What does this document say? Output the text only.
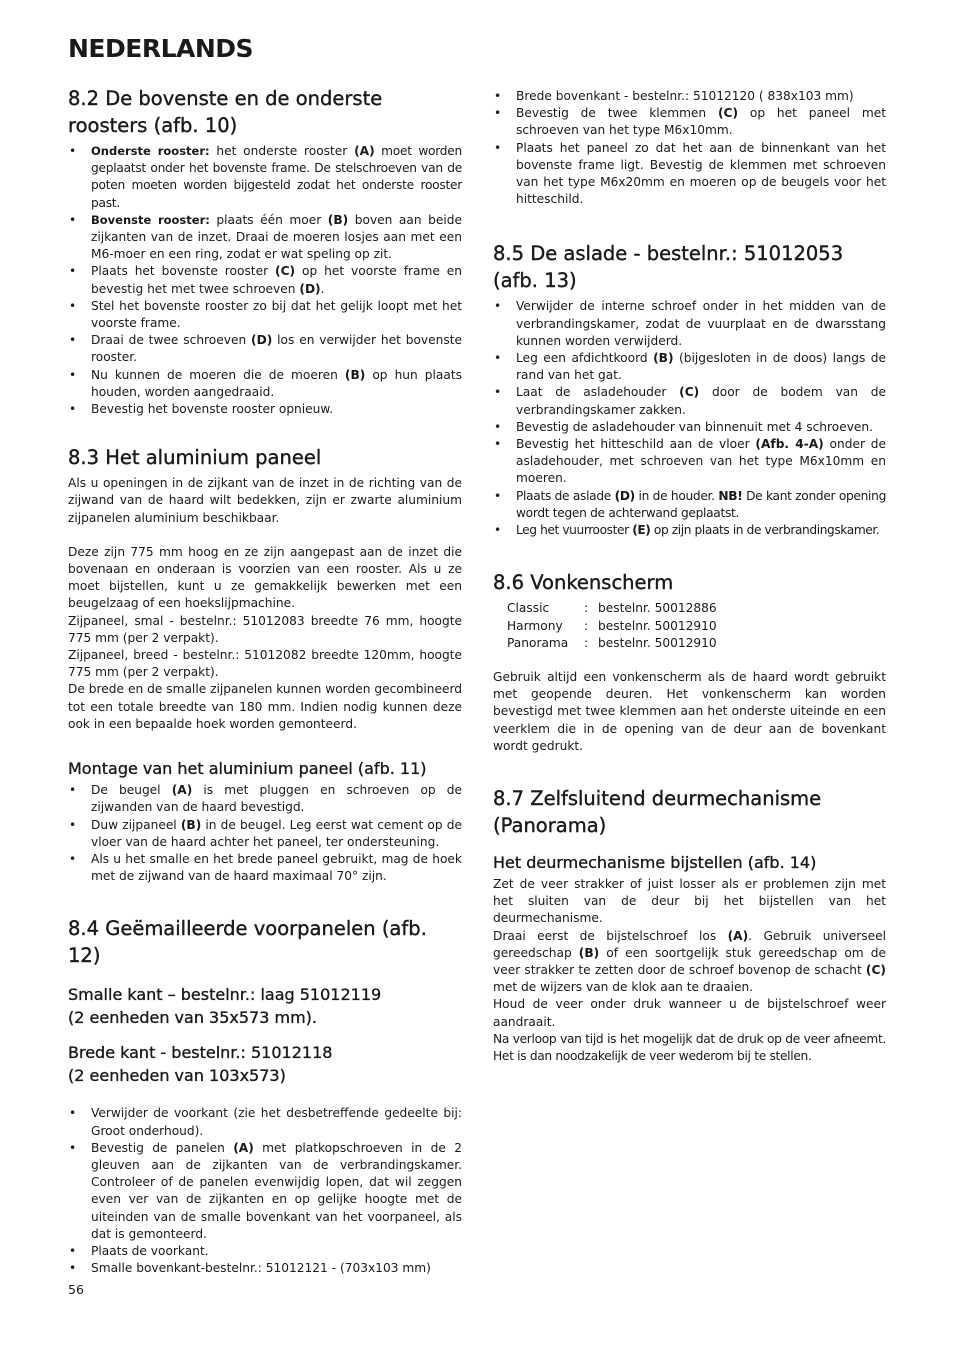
NEDERLANDS
8.2 De bovenste en de onderste roosters (afb. 10)
• Onderste rooster: het onderste rooster (A) moet worden geplaatst onder het bovenste frame. De stelschroeven van de poten moeten worden bijgesteld zodat het onderste rooster past.
• Bovenste rooster: plaats één moer (B) boven aan beide zijkanten van de inzet. Draai de moeren losjes aan met een M6-moer en een ring, zodat er wat speling op zit.
• Plaats het bovenste rooster (C) op het voorste frame en bevestig het met twee schroeven (D).
• Stel het bovenste rooster zo bij dat het gelijk loopt met het voorste frame.
• Draai de twee schroeven (D) los en verwijder het bovenste rooster.
• Nu kunnen de moeren die de moeren (B) op hun plaats houden, worden aangedraaid.
• Bevestig het bovenste rooster opnieuw.
8.3 Het aluminium paneel

Als u openingen in de zijkant van de inzet in de richting van de zijwand van de haard wilt bedekken, zijn er zwarte aluminium zijpanelen aluminium beschikbaar.

Deze zijn 775 mm hoog en ze zijn aangepast aan de inzet die bovenaan en onderaan is voorzien van een rooster. Als u ze moet bijstellen, kunt u ze gemakkelijk bewerken met een beugelzaag of een hoekslijpmachine.

Zijpaneel, smal - bestelnr.: 51012083 breedte 76 mm, hoogte 775 mm (per 2 verpakt).

Zijpaneel, breed - bestelnr.: 51012082 breedte 120mm, hoogte 775 mm (per 2 verpakt).

De brede en de smalle zijpanelen kunnen worden gecombineerd tot een totale breedte van 180 mm. Indien nodig kunnen deze ook in een bepaalde hoek worden gemonteerd.

Montage van het aluminium paneel (afb. 11)
• De beugel (A) is met pluggen en schroeven op de zijwanden van de haard bevestigd.
• Duw zijpaneel (B) in de beugel. Leg eerst wat cement op de vloer van de haard achter het paneel, ter ondersteuning.
• Als u het smalle en het brede paneel gebruikt, mag de hoek met de zijwand van de haard maximaal 70° zijn.
8.4 Geëmailleerde voorpanelen (afb. 12)
Smalle kant – bestelnr.: laag 51012119
(2 eenheden van 35x573 mm).
Brede kant - bestelnr.: 51012118
(2 eenheden van 103x573)
• Verwijder de voorkant (zie het desbetreffende gedeelte bij: Groot onderhoud).
• Bevestig de panelen (A) met platkopschroeven in de 2 gleuven aan de zijkanten van de verbrandingskamer. Controleer of de panelen evenwijdig lopen, dat wil zeggen even ver van de zijkanten en op gelijke hoogte met de uiteinden van de smalle bovenkant van het voorpaneel, als dat is gemonteerd.
• Plaats de voorkant.
• Smalle bovenkant-bestelnr.: 51012121 - (703x103 mm)
• Brede bovenkant - bestelnr.: 51012120 ( 838x103 mm)
• Bevestig de twee klemmen (C) op het paneel met schroeven van het type M6x10mm.
• Plaats het paneel zo dat het aan de binnenkant van het bovenste frame ligt. Bevestig de klemmen met schroeven van het type M6x20mm en moeren op de beugels voor het hitteschild.
8.5 De aslade - bestelnr.: 51012053 (afb. 13)
• Verwijder de interne schroef onder in het midden van de verbrandingskamer, zodat de vuurplaat en de dwarsstang kunnen worden verwijderd.
• Leg een afdichtkoord (B) (bijgesloten in de doos) langs de rand van het gat.
• Laat de asladehouder (C) door de bodem van de verbrandingskamer zakken.
• Bevestig de asladehouder van binnenuit met 4 schroeven.
• Bevestig het hitteschild aan de vloer (Afb. 4-A) onder de asladehouder, met schroeven van het type M6x10mm en moeren.
• Plaats de aslade (D) in de houder. NB! De kant zonder opening wordt tegen de achterwand geplaatst.
• Leg het vuurrooster (E) op zijn plaats in de verbrandingskamer.
8.6 Vonkenscherm
Classic	:	bestelnr. 50012886
Harmony	:	bestelnr. 50012910
Panorama	:	bestelnr. 50012910

Gebruik altijd een vonkenscherm als de haard wordt gebruikt met geopende deuren. Het vonkenscherm kan worden bevestigd met twee klemmen aan het onderste uiteinde en een veerklem die in de opening van de deur aan de bovenkant wordt gedrukt.

8.7 Zelfsluitend deurmechanisme
(Panorama)
Het deurmechanisme bijstellen (afb. 14)

Zet de veer strakker of juist losser als er problemen zijn met het sluiten van de deur bij het bijstellen van het deurmechanisme.

Draai eerst de bijstelschroef los (A). Gebruik universeel gereedschap (B) of een soortgelijk stuk gereedschap om de veer strakker te zetten door de schroef bovenop de schacht (C) met de wijzers van de klok aan te draaien.

Houd de veer onder druk wanneer u de bijstelschroef weer aandraait.

Na verloop van tijd is het mogelijk dat de druk op de veer afneemt. Het is dan noodzakelijk de veer wederom bij te stellen.

56
